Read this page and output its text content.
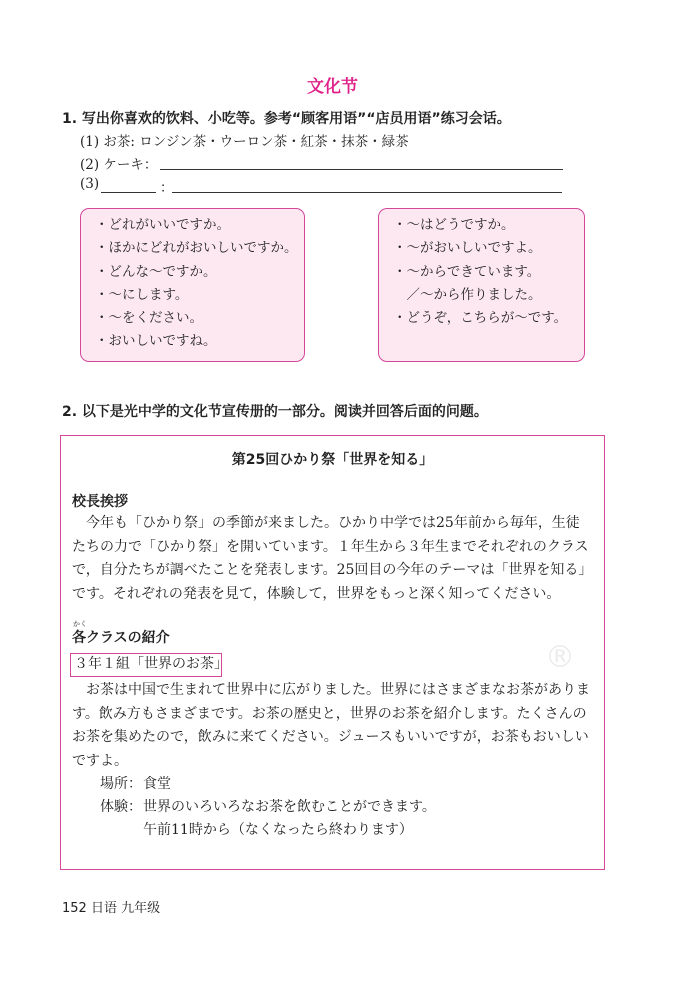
文化节
1. 写出你喜欢的饮料、小吃等。参考“顾客用语”“店员用语”练习会话。
(1) お茶: ロンジン茶・ウーロン茶・紅茶・抹茶・緑茶
(2) ケーキ：
(3)	：
・どれがいいですか。
・ほかにどれがおいしいですか。
・どんな～ですか。
・～にします。
・～をください。
・おいしいですね。
・～はどうですか。
・～がおいしいですよ。
・～からできています。
　／～から作りました。
・どうぞ，こちらが～です。
2. 以下是光中学的文化节宣传册的一部分。阅读并回答后面的问题。
®
第25回ひかり祭「世界を知る」
校長挨拶
　今年も「ひかり祭」の季節が来ました。ひかり中学では25年前から毎年，生徒
たちの力で「ひかり祭」を開いています。１年生から３年生までそれぞれのクラス
で，自分たちが調べたことを発表します。25回目の今年のテーマは「世界を知る」
です。それぞれの発表を見て，体験して，世界をもっと深く知ってください。
かく
各クラスの紹介
３年１組「世界のお茶」
　お茶は中国で生まれて世界中に広がりました。世界にはさまざまなお茶がありま
す。飲み方もさまざまです。お茶の歴史と，世界のお茶を紹介します。たくさんの
お茶を集めたので，飲みに来てください。ジュースもいいですが，お茶もおいしい
ですよ。
場所： 食堂
体験： 世界のいろいろなお茶を飲むことができます。
午前11時から（なくなったら終わります）
152 日语 九年级
